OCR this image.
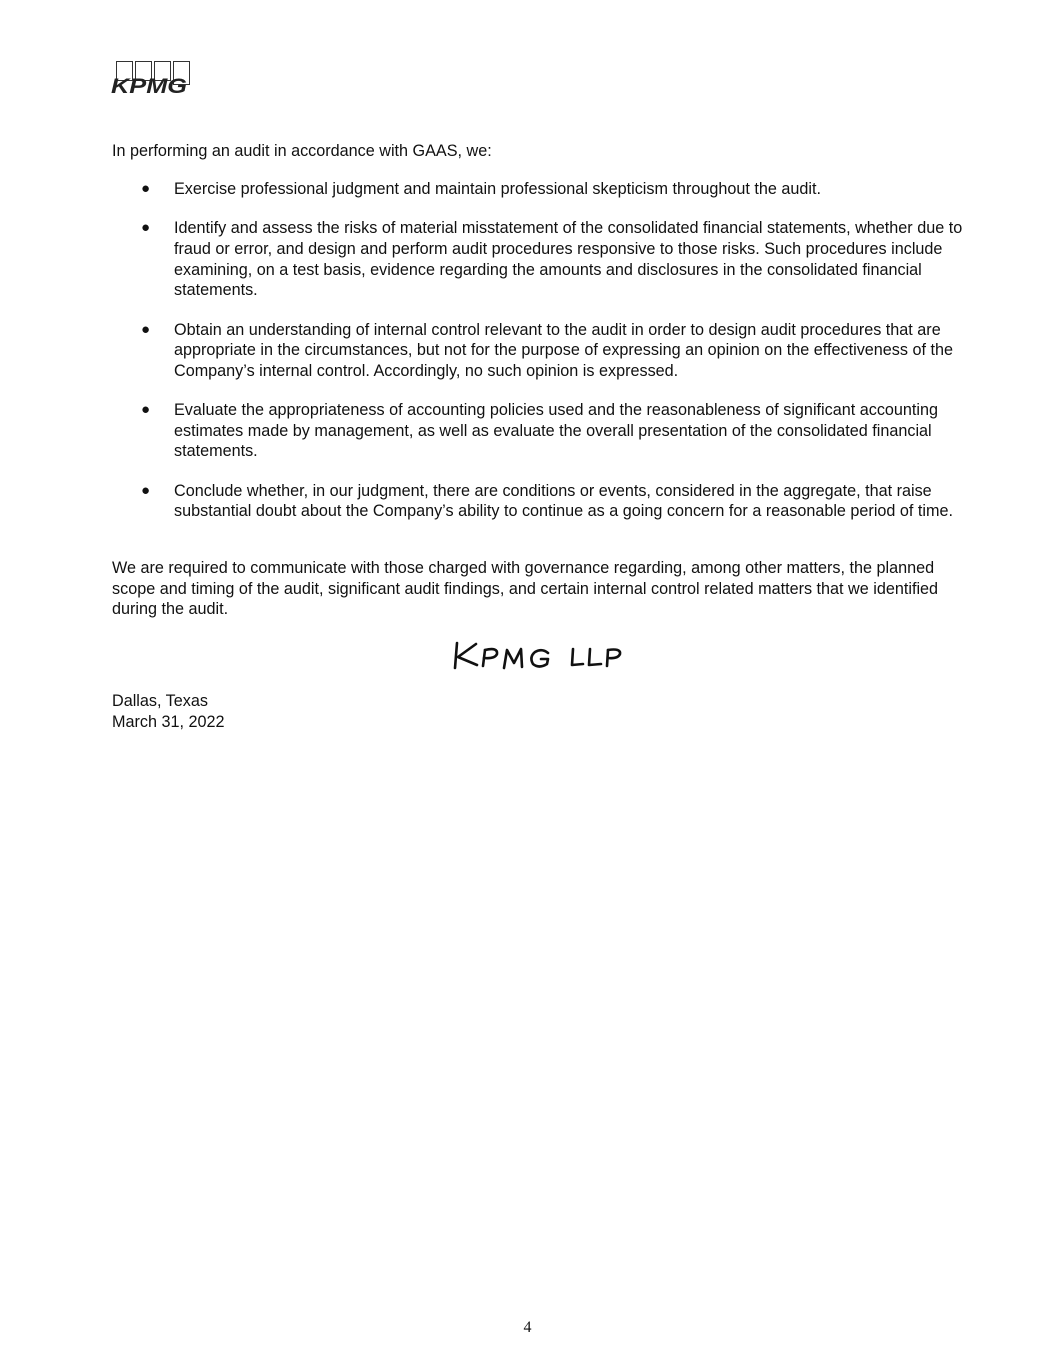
KPMG

In performing an audit in accordance with GAAS, we:

● Exercise professional judgment and maintain professional skepticism throughout the audit.
● Identify and assess the risks of material misstatement of the consolidated financial statements, whether due to fraud or error, and design and perform audit procedures responsive to those risks. Such procedures include examining, on a test basis, evidence regarding the amounts and disclosures in the consolidated financial statements.
● Obtain an understanding of internal control relevant to the audit in order to design audit procedures that are appropriate in the circumstances, but not for the purpose of expressing an opinion on the effectiveness of the Company’s internal control. Accordingly, no such opinion is expressed.
● Evaluate the appropriateness of accounting policies used and the reasonableness of significant accounting estimates made by management, as well as evaluate the overall presentation of the consolidated financial statements.
● Conclude whether, in our judgment, there are conditions or events, considered in the aggregate, that raise substantial doubt about the Company’s ability to continue as a going concern for a reasonable period of time.

We are required to communicate with those charged with governance regarding, among other matters, the planned scope and timing of the audit, significant audit findings, and certain internal control related matters that we identified during the audit.

Dallas, Texas
March 31, 2022

4
